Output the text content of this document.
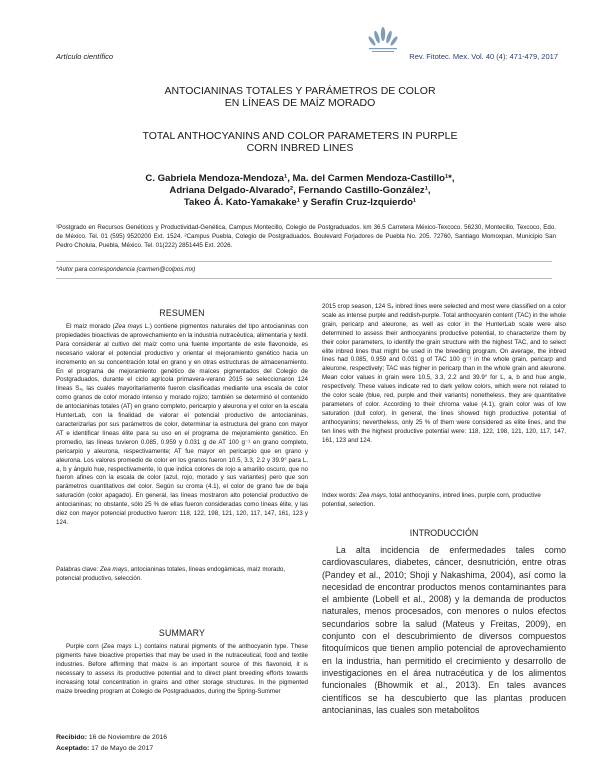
Artículo científico	Rev. Fitotec. Mex. Vol. 40 (4): 471-479, 2017
ANTOCIANINAS TOTALES Y PARÁMETROS DE COLOR
EN LÍNEAS DE MAÍZ MORADO
TOTAL ANTHOCYANINS AND COLOR PARAMETERS IN PURPLE
CORN INBRED LINES
C. Gabriela Mendoza-Mendoza¹, Ma. del Carmen Mendoza-Castillo¹*,
Adriana Delgado-Alvarado², Fernando Castillo-González¹,
Takeo Á. Kato-Yamakake¹ y Serafín Cruz-Izquierdo¹
¹Postgrado en Recursos Genéticos y Productividad-Genética, Campus Montecillo, Colegio de Postgraduados. km 36.5 Carretera México-Texcoco. 56230, Montecillo, Texcoco, Edo. de México. Tel. 01 (595) 9520200 Ext. 1524. ²Campus Puebla, Colegio de Postgraduados. Boulevard Forjadores de Puebla No. 205. 72760, Santiago Momoxpan, Municipio San Pedro Cholula, Puebla, México. Tel. 01(222) 2851445 Ext. 2026.
*Autor para correspondencia (carmen@colpos.mx)
RESUMEN

El maíz morado (Zea mays L.) contiene pigmentos naturales del tipo antocianinas con propiedades bioactivas de aprovechamiento en la industria nutracéutica, alimentaria y textil. Para considerar al cultivo del maíz como una fuente importante de este flavonoide, es necesario valorar el potencial productivo y orientar el mejoramiento genético hacia un incremento en su concentración total en grano y en otras estructuras de almacenamiento. En el programa de mejoramiento genético de maíces pigmentados del Colegio de Postgraduados, durante el ciclo agrícola primavera-verano 2015 se seleccionaron 124 líneas S₄, las cuales mayoritariamente fueron clasificadas mediante una escala de color como granos de color morado intenso y morado rojizo; también se determinó el contenido de antocianinas totales (AT) en grano completo, pericarpio y aleurona y el color en la escala HunterLab, con la finalidad de valorar el potencial productivo de antocianinas, caracterizarlas por sus parámetros de color, determinar la estructura del grano con mayor AT e identificar líneas élite para su uso en el programa de mejoramiento genético. En promedio, las líneas tuvieron 0.085, 0.959 y 0.031 g de AT 100 g⁻¹ en grano completo, pericarpio y aleurona, respectivamente; AT fue mayor en pericarpio que en grano y aleurona. Los valores promedio de color en los granos fueron 10.5, 3.3, 2.2 y 39.9° para L, a, b y ángulo hue, respectivamente, lo que indica colores de rojo a amarillo oscuro, que no fueron afines con la escala de color (azul, rojo, morado y sus variantes) pero que son parámetros cuantitativos del color. Según su croma (4.1), el color de grano fue de baja saturación (color apagado). En general, las líneas mostraron alto potencial productivo de antocianinas; no obstante, sólo 25 % de ellas fueron consideradas como líneas élite, y las diez con mayor potencial productivo fueron: 118, 122, 198, 121, 120, 117, 147, 161, 123 y 124.

Palabras clave: Zea mays, antocianinas totales, líneas endogámicas, maíz morado, potencial productivo, selección.
SUMMARY

Purple corn (Zea mays L.) contains natural pigments of the anthocyanin type. These pigments have bioactive properties that may be used in the nutraceutical, food and textile industries. Before affirming that maize is an important source of this flavonoid, it is necessary to assess its productive potential and to direct plant breeding efforts towards increasing total concentration in grains and other storage structures. In the pigmented maize breeding program at Colegio de Postgraduados, during the Spring-Summer

2015 crop season, 124 S₄ inbred lines were selected and most were classified on a color scale as intense purple and reddish-purple. Total anthocyanin content (TAC) in the whole grain, pericarp and aleurone, as well as color in the HunterLab scale were also determined to assess their anthocyanins productive potential, to characterize them by their color parameters, to identify the grain structure with the highest TAC, and to select elite inbred lines that might be used in the breeding program. On average, the inbred lines had 0.085, 0.959 and 0.031 g of TAC 100 g⁻¹ in the whole grain, pericarp and aleurone, respectively; TAC was higher in pericarp than in the whole grain and aleurone. Mean color values in grain were 10.5, 3.3, 2.2 and 39.9° for L, a, b and hue angle, respectively. These values indicate red to dark yellow colors, which were not related to the color scale (blue, red, purple and their variants) nonetheless, they are quantitative parameters of color. According to their chroma value (4.1), grain color was of low saturation (dull color). In general, the lines showed high productive potential of anthocyanins; nevertheless, only 25 % of them were considered as elite lines, and the ten lines with the highest productive potential were: 118, 122, 198, 121, 120, 117, 147, 161, 123 and 124.
Index words: Zea mays, total anthocyanins, inbred lines, purple corn, productive potential, selection.
INTRODUCCIÓN

La alta incidencia de enfermedades tales como cardiovasculares, diabetes, cáncer, desnutrición, entre otras (Pandey et al., 2010; Shoji y Nakashima, 2004), así como la necesidad de encontrar productos menos contaminantes para el ambiente (Lobell et al., 2008) y la demanda de productos naturales, menos procesados, con menores o nulos efectos secundarios sobre la salud (Mateus y Freitas, 2009), en conjunto con el descubrimiento de diversos compuestos fitoquímicos que tienen amplio potencial de aprovechamiento en la industria, han permitido el crecimiento y desarrollo de investigaciones en el área nutracéutica y de los alimentos funcionales (Bhowmik et al., 2013). En tales avances científicos se ha descubierto que las plantas producen antocianinas, las cuales son metabolitos

Recibido: 16 de Noviembre de 2016
Aceptado: 17 de Mayo de 2017
